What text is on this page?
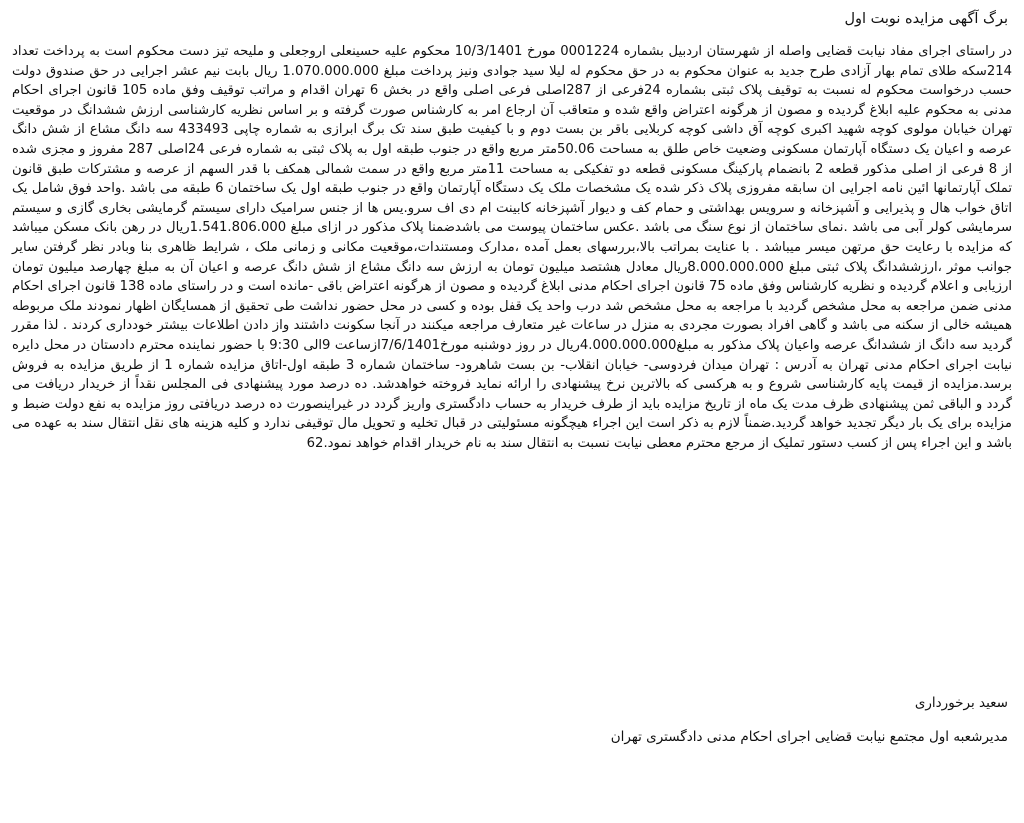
برگ آگهی مزایده نوبت اول

در راستای اجرای مفاد نیابت قضایی واصله از شهرستان اردبیل بشماره 0001224 مورخ 10/3/1401 محکوم علیه حسینعلی اروجعلی و ملیحه تیز دست محکوم است به پرداخت تعداد 214سکه طلای تمام بهار آزادی طرح جدید به عنوان محکوم به در حق محکوم له لیلا سید جوادی ونیز پرداخت مبلغ 1.070.000.000 ریال بابت نیم عشر اجرایی در حق صندوق دولت حسب درخواست محکوم له نسبت به توقیف پلاک ثبتی بشماره 24فرعی از 287اصلی فرعی اصلی واقع در بخش 6 تهران اقدام و مراتب توقیف وفق ماده 105 قانون اجرای احکام مدنی به محکوم علیه ابلاغ گردیده و مصون از هرگونه اعتراض واقع شده و متعاقب آن ارجاع امر به کارشناس صورت گرفته و بر اساس نظریه کارشناسی ارزش ششدانگ در موقعیت تهران خیابان مولوی کوچه شهید اکبری کوچه آق داشی کوچه کربلایی باقر بن بست دوم و با کیفیت طبق سند تک برگ ابرازی به شماره چاپی 433493 سه دانگ مشاع از شش دانگ عرصه و اعیان یک دستگاه آپارتمان مسکونی وضعیت خاص طلق به مساحت 50.06متر مربع واقع در جنوب طبقه اول به پلاک ثبتی به شماره فرعی 24اصلی 287 مفروز و مجزی شده از 8 فرعی از اصلی مذکور قطعه 2 بانضمام پارکینگ مسکونی قطعه دو تفکیکی به مساحت 11متر مربع واقع در سمت شمالی همکف با قدر السهم از عرصه و مشترکات طبق قانون تملک آپارتمانها ائین نامه اجرایی ان سابقه مفروزی پلاک ذکر شده یک مشخصات ملک یک دستگاه آپارتمان واقع در جنوب طبقه اول یک ساختمان 6 طبقه می باشد .واحد فوق شامل یک اتاق خواب هال و پذیرایی و آشپزخانه و سرویس بهداشتی و حمام کف و دیوار آشپزخانه کابینت ام دی اف سرو.یس ها از جنس سرامیک دارای سیستم گرمایشی بخاری گازی و سیستم سرمایشی کولر آبی می باشد .نمای ساختمان از نوع سنگ می باشد .عکس ساختمان پیوست می باشدضمنا پلاک مذکور در ازای مبلغ 1.541.806.000ریال در رهن بانک مسکن میباشد که مزایده با رعایت حق مرتهن میسر میباشد . با عنایت بمراتب بالا،بررسهای بعمل آمده ،مدارک ومستندات،موقعیت مکانی و زمانی ملک ، شرایط ظاهری بنا وبادر نظر گرفتن سایر جوانب موثر ،ارزششدانگ پلاک ثبتی مبلغ 8.000.000.000ریال معادل هشتصد میلیون تومان به ارزش سه دانگ مشاع از شش دانگ عرصه و اعیان آن به مبلغ چهارصد میلیون تومان ارزیابی و اعلام گردیده و نظریه کارشناس وفق ماده 75 قانون اجرای احکام مدنی ابلاغ گردیده و مصون از هرگونه اعتراض باقی -مانده است و در راستای ماده 138 قانون اجرای احکام مدنی ضمن مراجعه به محل مشخص گردید با مراجعه به محل مشخص شد درب واحد یک قفل بوده و کسی در محل حضور نداشت طی تحقیق از همسایگان اظهار نمودند ملک مربوطه همیشه خالی از سکنه می باشد و گاهی افراد بصورت مجردی به منزل در ساعات غیر متعارف مراجعه میکنند در آنجا سکونت داشتند واز دادن اطلاعات بیشتر خودداری کردند . لذا مقرر گردید سه دانگ از ششدانگ عرصه واعیان پلاک مذکور به مبلغ4.000.000.000ریال در روز دوشنبه مورخ7/6/1401ازساعت 9الی 9:30 با حضور نماینده محترم دادستان در محل دایره نیابت اجرای احکام مدنی تهران به آدرس : تهران میدان فردوسی- خیابان انقلاب- بن بست شاهرود- ساختمان شماره 3 طبقه اول-اتاق مزایده شماره 1 از طریق مزایده به فروش برسد.مزایده از قیمت پایه کارشناسی شروع و به هرکسی که بالاترین نرخ پیشنهادی را ارائه نماید فروخته خواهدشد. ده درصد مورد پیشنهادی فی المجلس نقداً از خریدار دریافت می گردد و الباقی ثمن پیشنهادی ظرف مدت یک ماه از تاریخ مزایده باید از طرف خریدار به حساب دادگستری واریز گردد در غیراینصورت ده درصد دریافتی روز مزایده به نفع دولت ضبط و مزایده برای یک بار دیگر تجدید خواهد گردید.ضمناً لازم به ذکر است این اجراء هیچگونه مسئولیتی در قبال تخلیه و تحویل مال توقیفی ندارد و کلیه هزینه های نقل انتقال سند به عهده می باشد و این اجراء پس از کسب دستور تملیک از مرجع محترم معطی نیابت نسبت به انتقال سند به نام خریدار اقدام خواهد نمود.62

سعید برخورداری
مدیرشعبه اول مجتمع نیابت قضایی اجرای احکام مدنی دادگستری تهران
